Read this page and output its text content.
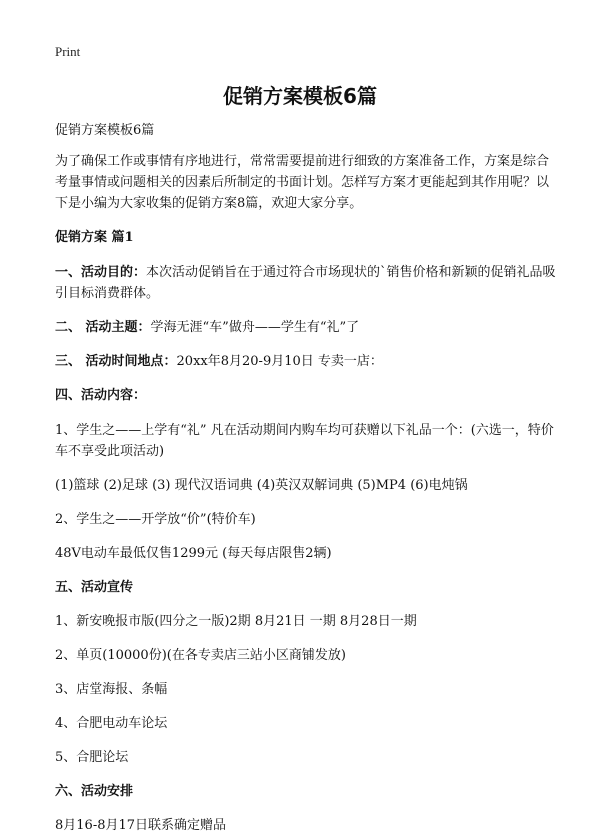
Print
促销方案模板6篇

促销方案模板6篇

为了确保工作或事情有序地进行，常常需要提前进行细致的方案准备工作，方案是综合考量事情或问题相关的因素后所制定的书面计划。怎样写方案才更能起到其作用呢？以下是小编为大家收集的促销方案8篇，欢迎大家分享。

促销方案 篇1

一、活动目的：本次活动促销旨在于通过符合市场现状的`销售价格和新颖的促销礼品吸引目标消费群体。

二、 活动主题：学海无涯“车”做舟——学生有“礼”了

三、 活动时间地点：20xx年8月20-9月10日 专卖一店：

四、活动内容：

1、学生之——上学有“礼” 凡在活动期间内购车均可获赠以下礼品一个：(六选一，特价车不享受此项活动)

(1)篮球 (2)足球 (3) 现代汉语词典 (4)英汉双解词典 (5)MP4 (6)电炖锅

2、学生之——开学放“价”(特价车)

48V电动车最低仅售1299元 (每天每店限售2辆)

五、活动宣传

1、新安晚报市版(四分之一版)2期 8月21日 一期 8月28日一期

2、单页(10000份)(在各专卖店三站小区商铺发放)

3、店堂海报、条幅

4、合肥电动车论坛

5、合肥论坛

六、活动安排

8月16-8月17日联系确定赠品
